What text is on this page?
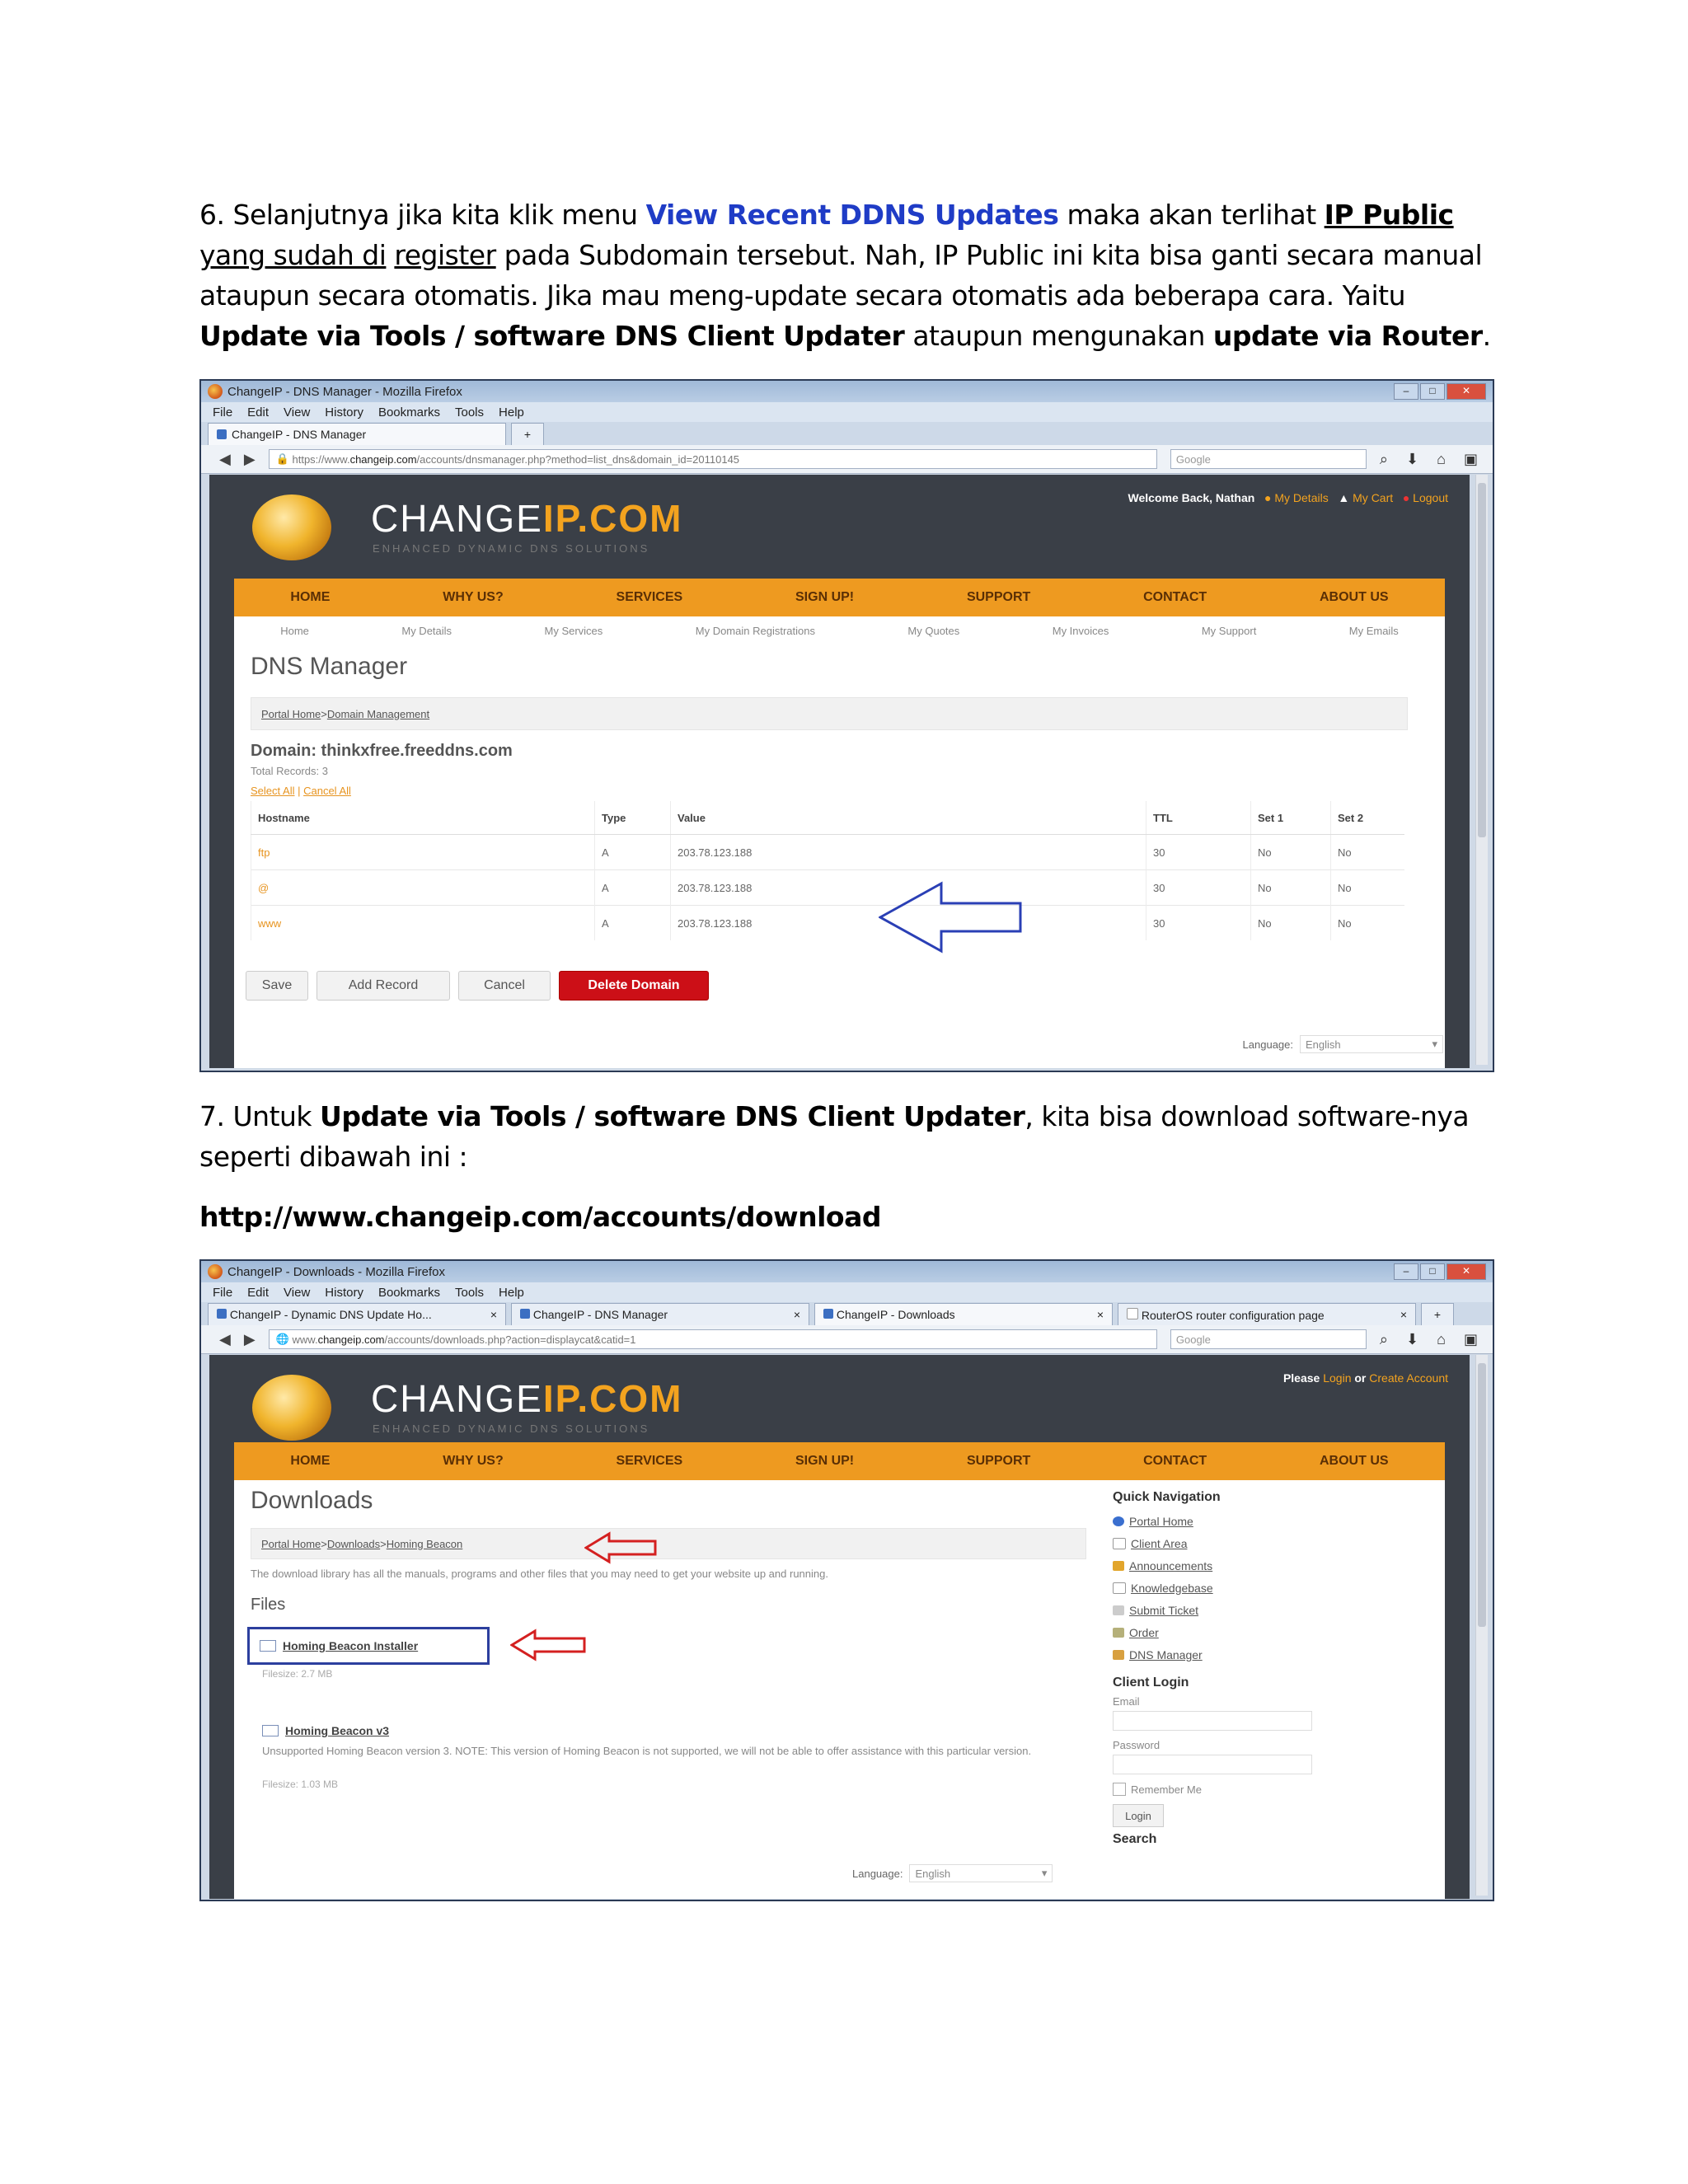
6. Selanjutnya jika kita klik menu View Recent DDNS Updates maka akan terlihat IP Public yang sudah di register pada Subdomain tersebut. Nah, IP Public ini kita bisa ganti secara manual ataupun secara otomatis. Jika mau meng-update secara otomatis ada beberapa cara. Yaitu Update via Tools / software DNS Client Updater ataupun mengunakan update via Router.
ChangeIP - DNS Manager - Mozilla Firefox	–	□	✕
File Edit View History Bookmarks Tools Help
ChangeIP - DNS Manager	+
◀ ▶	🔒 https://www. changeip.com /accounts/dnsmanager.php?method=list_dns&domain_id=20110145	Google	⌕ ⬇ ⌂ ▣
CHANGEIP.COM
ENHANCED DYNAMIC DNS SOLUTIONS
Welcome Back, Nathan ● My Details ▲ My Cart ● Logout
HOME	WHY US?	SERVICES	SIGN UP!	SUPPORT	CONTACT	ABOUT US
Home	My Details	My Services	My Domain Registrations	My Quotes	My Invoices	My Support	My Emails
DNS Manager
Portal Home > Domain Management
Domain: thinkxfree.freeddns.com
Total Records: 3
Select All | Cancel All
Hostname	Type	Value	TTL	Set 1	Set 2
ftp	A	203.78.123.188	30	No	No
@	A	203.78.123.188	30	No	No
www	A	203.78.123.188	30	No	No
Save	Add Record	Cancel	Delete Domain
Language: English	▾
7. Untuk Update via Tools / software DNS Client Updater, kita bisa download software-nya seperti dibawah ini :
http://www.changeip.com/accounts/download
ChangeIP - Downloads - Mozilla Firefox	–	□	✕
File Edit View History Bookmarks Tools Help
ChangeIP - Dynamic DNS Update Ho...	×	ChangeIP - DNS Manager	×	ChangeIP - Downloads	×	RouterOS router configuration page	× +
◀ ▶	🌐 www. changeip.com /accounts/downloads.php?action=displaycat&catid=1	Google	⌕ ⬇ ⌂ ▣
CHANGEIP.COM
ENHANCED DYNAMIC DNS SOLUTIONS
Please Login or Create Account
HOME	WHY US?	SERVICES	SIGN UP!	SUPPORT	CONTACT	ABOUT US
Downloads
Portal Home > Downloads > Homing Beacon
The download library has all the manuals, programs and other files that you may need to get your website up and running.
Files
Homing Beacon Installer
Filesize: 2.7 MB
Homing Beacon v3
Unsupported Homing Beacon version 3. NOTE: This version of Homing Beacon is not supported, we will not be able to offer assistance with this particular version.
Filesize: 1.03 MB
Language: English	▾
Quick Navigation
Portal Home
Client Area
Announcements
Knowledgebase
Submit Ticket
Order
DNS Manager
Client Login
Email
Password
Remember Me
Login
Search
